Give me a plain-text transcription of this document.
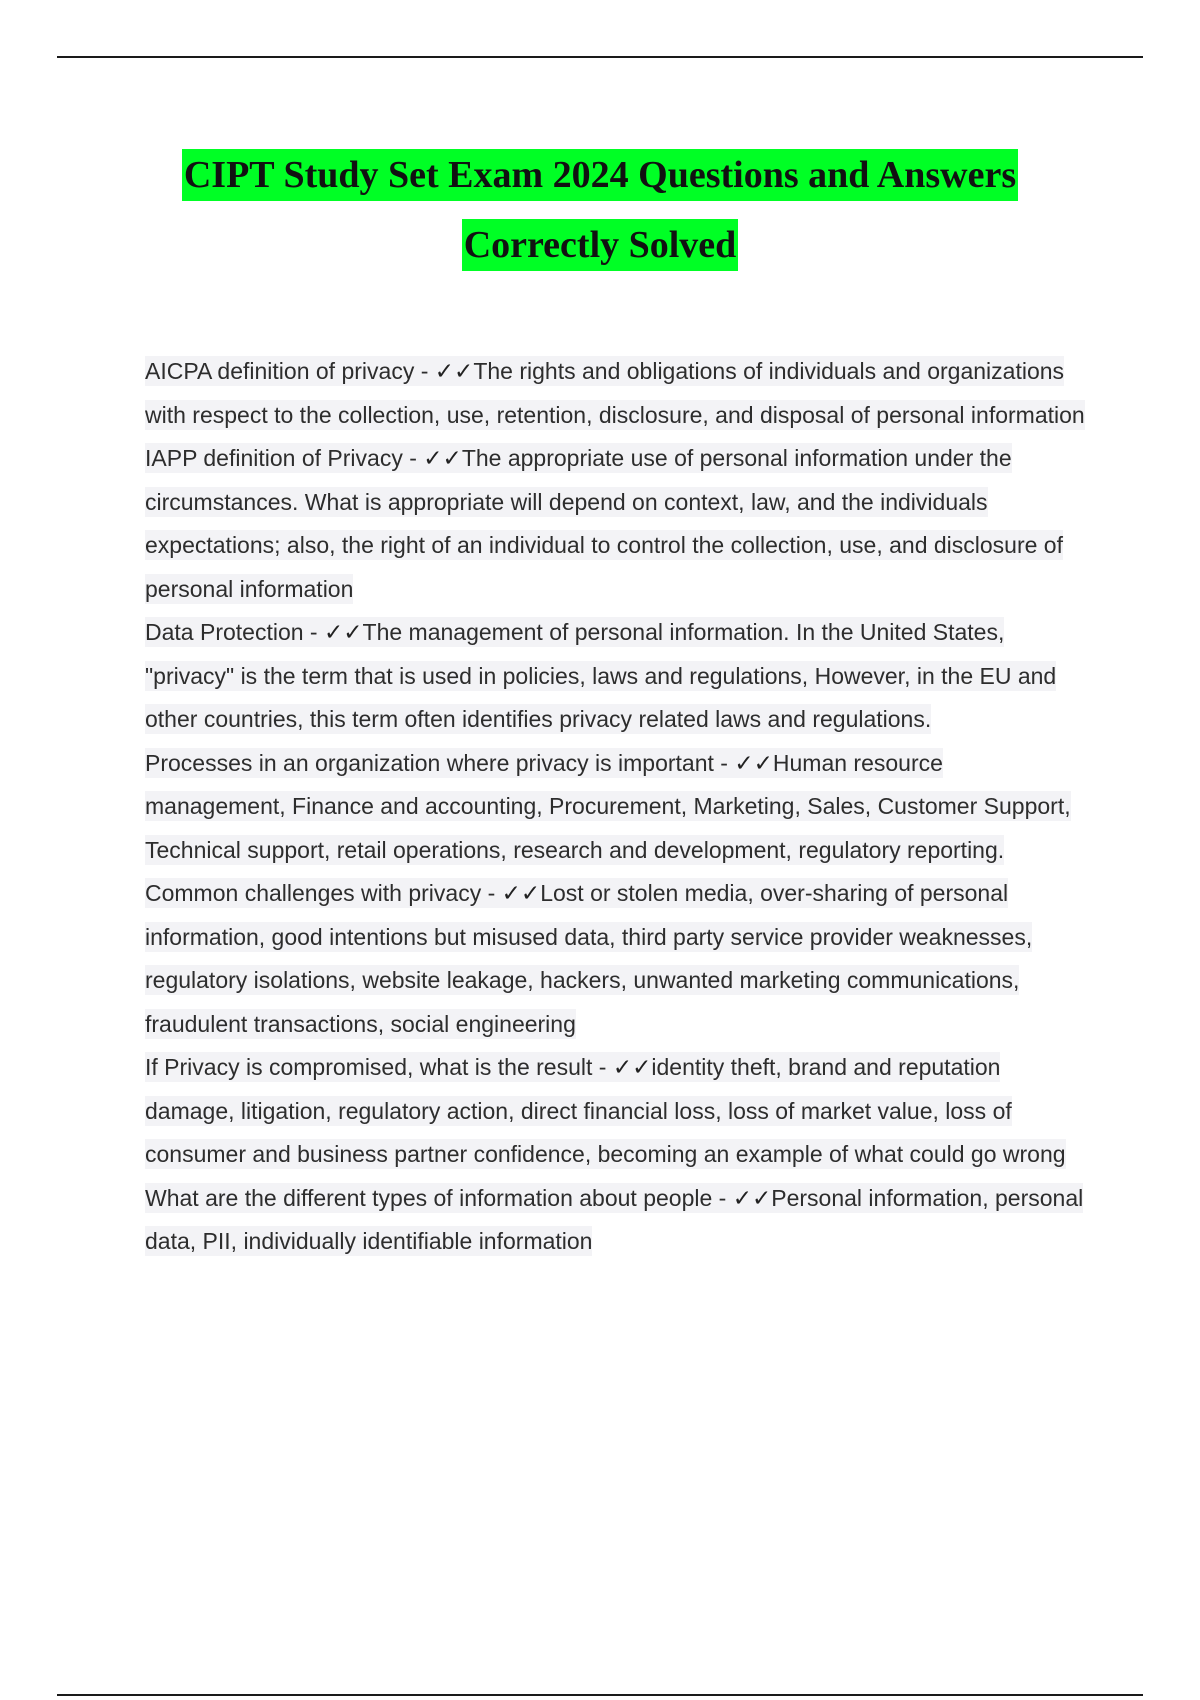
CIPT Study Set Exam 2024 Questions and Answers
Correctly Solved

AICPA definition of privacy - ✓✓The rights and obligations of individuals and organizations with respect to the collection, use, retention, disclosure, and disposal of personal information

IAPP definition of Privacy - ✓✓The appropriate use of personal information under the circumstances. What is appropriate will depend on context, law, and the individuals expectations; also, the right of an individual to control the collection, use, and disclosure of personal information

Data Protection - ✓✓The management of personal information. In the United States, "privacy" is the term that is used in policies, laws and regulations, However, in the EU and other countries, this term often identifies privacy related laws and regulations.

Processes in an organization where privacy is important - ✓✓Human resource management, Finance and accounting, Procurement, Marketing, Sales, Customer Support, Technical support, retail operations, research and development, regulatory reporting.

Common challenges with privacy - ✓✓Lost or stolen media, over-sharing of personal information, good intentions but misused data, third party service provider weaknesses, regulatory isolations, website leakage, hackers, unwanted marketing communications, fraudulent transactions, social engineering

If Privacy is compromised, what is the result - ✓✓identity theft, brand and reputation damage, litigation, regulatory action, direct financial loss, loss of market value, loss of consumer and business partner confidence, becoming an example of what could go wrong

What are the different types of information about people - ✓✓Personal information, personal data, PII, individually identifiable information
